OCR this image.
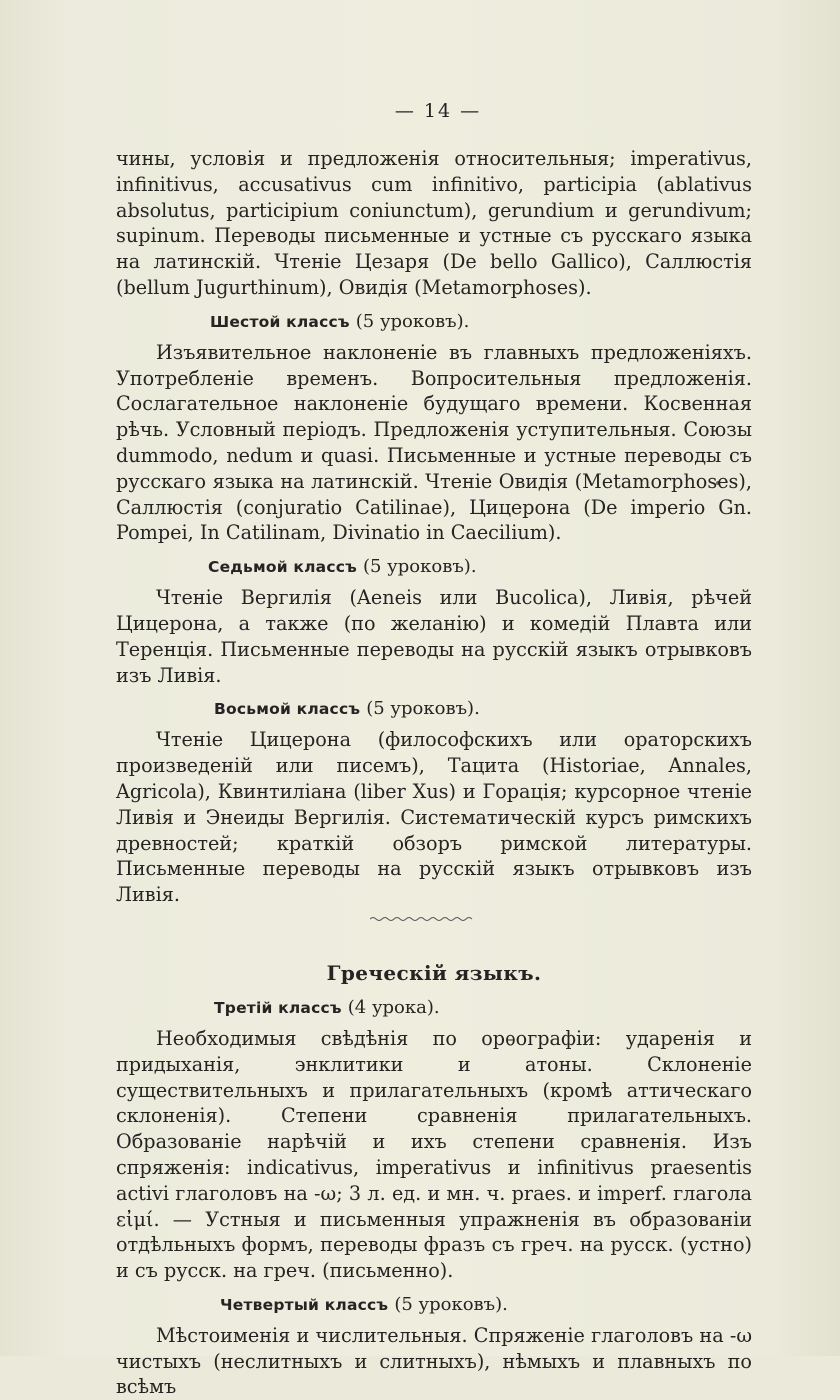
— 14 —

чины, условія и предложенія относительныя; imperativus, infinitivus, accusativus cum infinitivo, participia (ablativus absolutus, participium coniunctum), gerundium и gerundivum; supinum. Переводы письменные и устные съ русскаго языка на латинскій. Чтеніе Цезаря (De bello Gallico), Саллюстія (bellum Jugurthinum), Овидія (Metamorphoses).

Шестой классъ (5 уроковъ).

Изъявительное наклоненіе въ главныхъ предложеніяхъ. Употребленіе временъ. Вопросительныя предложенія. Сослагательное наклоненіе будущаго времени. Косвенная рѣчь. Условный періодъ. Предложенія уступительныя. Союзы dummodo, nedum и quasi. Письменные и устные переводы съ русскаго языка на латинскій. Чтеніе Овидія (Metamorphoses), Саллюстія (conjuratio Catilinae), Цицерона (De imperio Gn. Pompei, In Catilinam, Divinatio in Caecilium).

Седьмой классъ (5 уроковъ).

Чтеніе Вергилія (Aeneis или Bucolica), Ливія, рѣчей Цицерона, а также (по желанію) и комедій Плавта или Теренція. Письменные переводы на русскій языкъ отрывковъ изъ Ливія.

Восьмой классъ (5 уроковъ).

Чтеніе Цицерона (философскихъ или ораторскихъ произведеній или писемъ), Тацита (Historiae, Annales, Agricola), Квинтиліана (liber Xus) и Горація; курсорное чтеніе Ливія и Энеиды Вергилія. Систематическій курсъ римскихъ древностей; краткій обзоръ римской литературы. Письменные переводы на русскій языкъ отрывковъ изъ Ливія.

Греческій языкъ.
Третій классъ (4 урока).

Необходимыя свѣдѣнія по орѳографіи: ударенія и придыханія, энклитики и атоны. Склоненіе существительныхъ и прилагательныхъ (кромѣ аттическаго склоненія). Степени сравненія прилагательныхъ. Образованіе нарѣчій и ихъ степени сравненія. Изъ спряженія: indicativus, imperativus и infinitivus praesentis activi глаголовъ на -ω; 3 л. ед. и мн. ч. praes. и imperf. глагола εἰμί. — Устныя и письменныя упражненія въ образованіи отдѣльныхъ формъ, переводы фразъ съ греч. на русск. (устно) и съ русск. на греч. (письменно).

Четвертый классъ (5 уроковъ).

Мѣстоименія и числительныя. Спряженіе глаголовъ на -ω чистыхъ (неслитныхъ и слитныхъ), нѣмыхъ и плавныхъ по всѣмъ
